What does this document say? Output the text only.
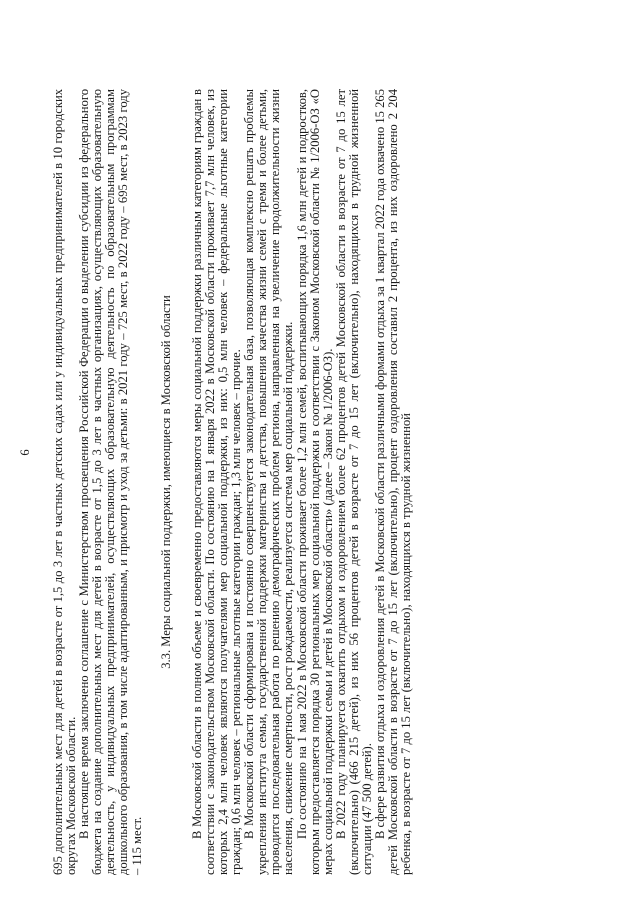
6 695 дополнительных мест для детей в возрасте от 1,5 до 3 лет в частных детских садах или у индивидуальных предпринимателей в 10 городских округах Московской области. В настоящее время заключено соглашение с Министерством просвещения Российской Федерации о выделении субсидии из федерального бюджета на создание дополнительных мест для детей в возрасте от 1,5 до 3 лет в частных организациях, осуществляющих образовательную деятельность, у индивидуальных предпринимателей, осуществляющих образовательную деятельность по образовательным программам дошкольного образования, в том числе адаптированным, и присмотр и уход за детьми: в 2021 году – 725 мест, в 2022 году – 695 мест, в 2023 году – 115 мест.

3.3. Меры социальной поддержки, имеющиеся в Московской области В Московской области в полном объеме и своевременно предоставляются меры социальной поддержки различным категориям граждан в соответствии с законодательством Московской области. По состоянию на 1 января 2022 в Московской области проживает 7,7 млн человек, из которых 2,4 млн человек являются получателями мер социальной поддержки, из них: 0,5 млн человек – федеральные льготные категории граждан; 0,6 млн человек – региональные льготные категории граждан; 1,3 млн человек – прочие. В Московской области сформирована и постоянно совершенствуется законодательная база, позволяющая комплексно решать проблемы укрепления института семьи, государственной поддержки материнства и детства, повышения качества жизни семей с тремя и более детьми, проводится последовательная работа по решению демографических проблем региона, направленная на увеличение продолжительности жизни населения, снижение смертности, рост рождаемости, реализуется система мер социальной поддержки. По состоянию на 1 мая 2022 в Московской области проживает более 1,2 млн семей, воспитывающих порядка 1,6 млн детей и подростков, которым предоставляется порядка 30 региональных мер социальной поддержки в соответствии с Законом Московской области № 1/2006-ОЗ «О мерах социальной поддержки семьи и детей в Московской области» (далее – Закон № 1/2006-ОЗ). В 2022 году планируется охватить отдыхом и оздоровлением более 62 процентов детей Московской области в возрасте от 7 до 15 лет (включительно) (466 215 детей), из них 56 процентов детей в возрасте от 7 до 15 лет (включительно), находящихся в трудной жизненной ситуации (47 500 детей). В сфере развития отдыха и оздоровления детей в Московской области различными формами отдыха за 1 квартал 2022 года охвачено 15 265 детей Московской области в возрасте от 7 до 15 лет (включительно), процент оздоровления составил 2 процента, из них оздоровлено 2 204 ребенка, в возрасте от 7 до 15 лет (включительно), находящихся в трудной жизненной
